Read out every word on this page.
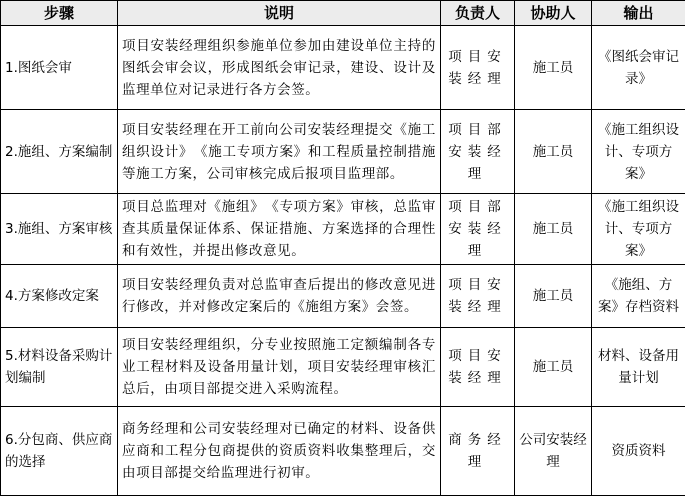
步骤	说明	负责人	协助人	输出
1.图纸会审	项目安装经理组织参施单位参加由建设单位主持的图纸会审会议，形成图纸会审记录，建设、设计及监理单位对记录进行各方会签。	项目安装经理	施工员	《图纸会审记录》
2.施组、方案编制	项目安装经理在开工前向公司安装经理提交《施工组织设计》　《施工专项方案》和工程质量控制措施等施工方案，公司审核完成后报项目监理部。	项目部安装经理	施工员	《施工组织设计、专项方案》
3.施组、方案审核	项目总监理对《施组》　《专项方案》审核，总监审查其质量保证体系、保证措施、方案选择的合理性和有效性，并提出修改意见。	项目部安装经理	施工员	《施工组织设计、专项方案》
4.方案修改定案	项目安装经理负责对总监审查后提出的修改意见进行修改，并对修改定案后的《施组方案》会签。	项目安装经理	施工员	《施组、方案》存档资料
5.材料设备采购计划编制	项目安装经理组织，分专业按照施工定额编制各专业工程材料及设备用量计划，项目安装经理审核汇总后，由项目部提交进入采购流程。	项目安装经理	施工员	材料、设备用量计划
6.分包商、供应商的选择	商务经理和公司安装经理对已确定的材料、设备供应商和工程分包商提供的资质资料收集整理后，交由项目部提交给监理进行初审。	商务经理	公司安装经理	资质资料
